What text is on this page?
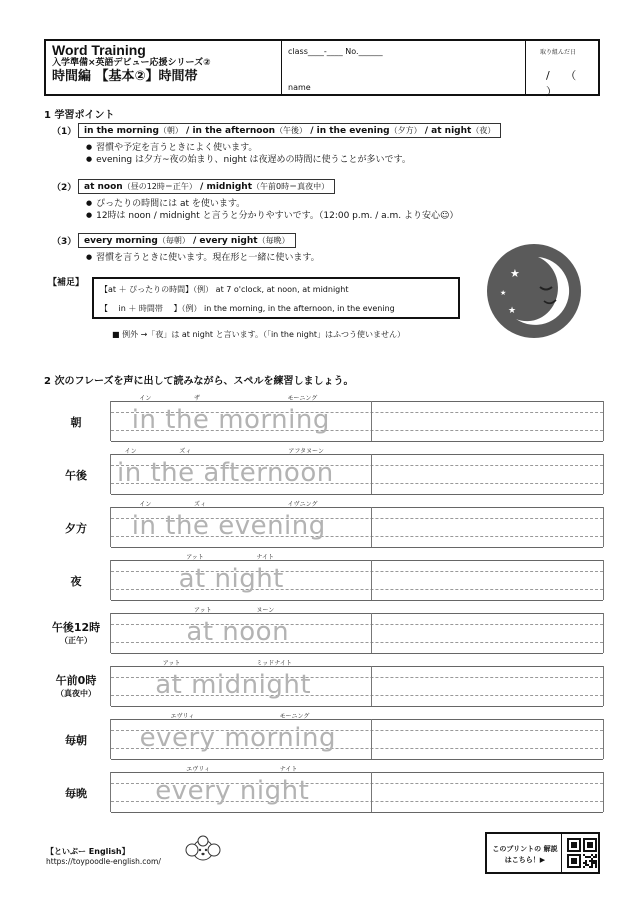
Word Training
入学準備×英語デビュー応援シリーズ②
時間編 【基本②】時間帯
class____-____ No.______
name
取り組んだ日
/ （ ）
1 学習ポイント
（1） in the morning（朝） / in the afternoon（午後） / in the evening（夕方） / at night（夜）
● 習慣や予定を言うときによく使います。
● evening は夕方~夜の始まり、night は夜遅めの時間に使うことが多いです。
（2） at noon（昼の12時＝正午） / midnight（午前0時＝真夜中）
● ぴったりの時間には at を使います。
● 12時は noon / midnight と言うと分かりやすいです。（12:00 p.m. / a.m. より安心☺）
（3） every morning（毎朝） / every night（毎晩）
● 習慣を言うときに使います。現在形と一緒に使います。
【補足】
【at ＋ ぴったりの時間】（例） at 7 o'clock, at noon, at midnight
【　 in ＋ 時間帯　 】（例） in the morning, in the afternoon, in the evening
■ 例外 →「夜」は at night と言います。（「in the night」はふつう使いません）
★
★
★
2 次のフレーズを声に出して読みながら、スペルを練習しましょう。
朝	in the morning
イン	ザ	モーニング
午後	in the afternoon
イン	ズィ	アフタヌーン
夕方	in the evening
イン	ズィ	イヴニング
夜	at night
アット	ナイト
午後12時
（正午）	at noon
アット	ヌーン
午前0時
（真夜中）	at midnight
アット	ミッドナイト
毎朝	every morning
エヴリィ	モーニング
毎晩	every night
エヴリィ	ナイト
【といぷー English】
https://toypoodle-english.com/
このプリントの 解説はこちら！▶
